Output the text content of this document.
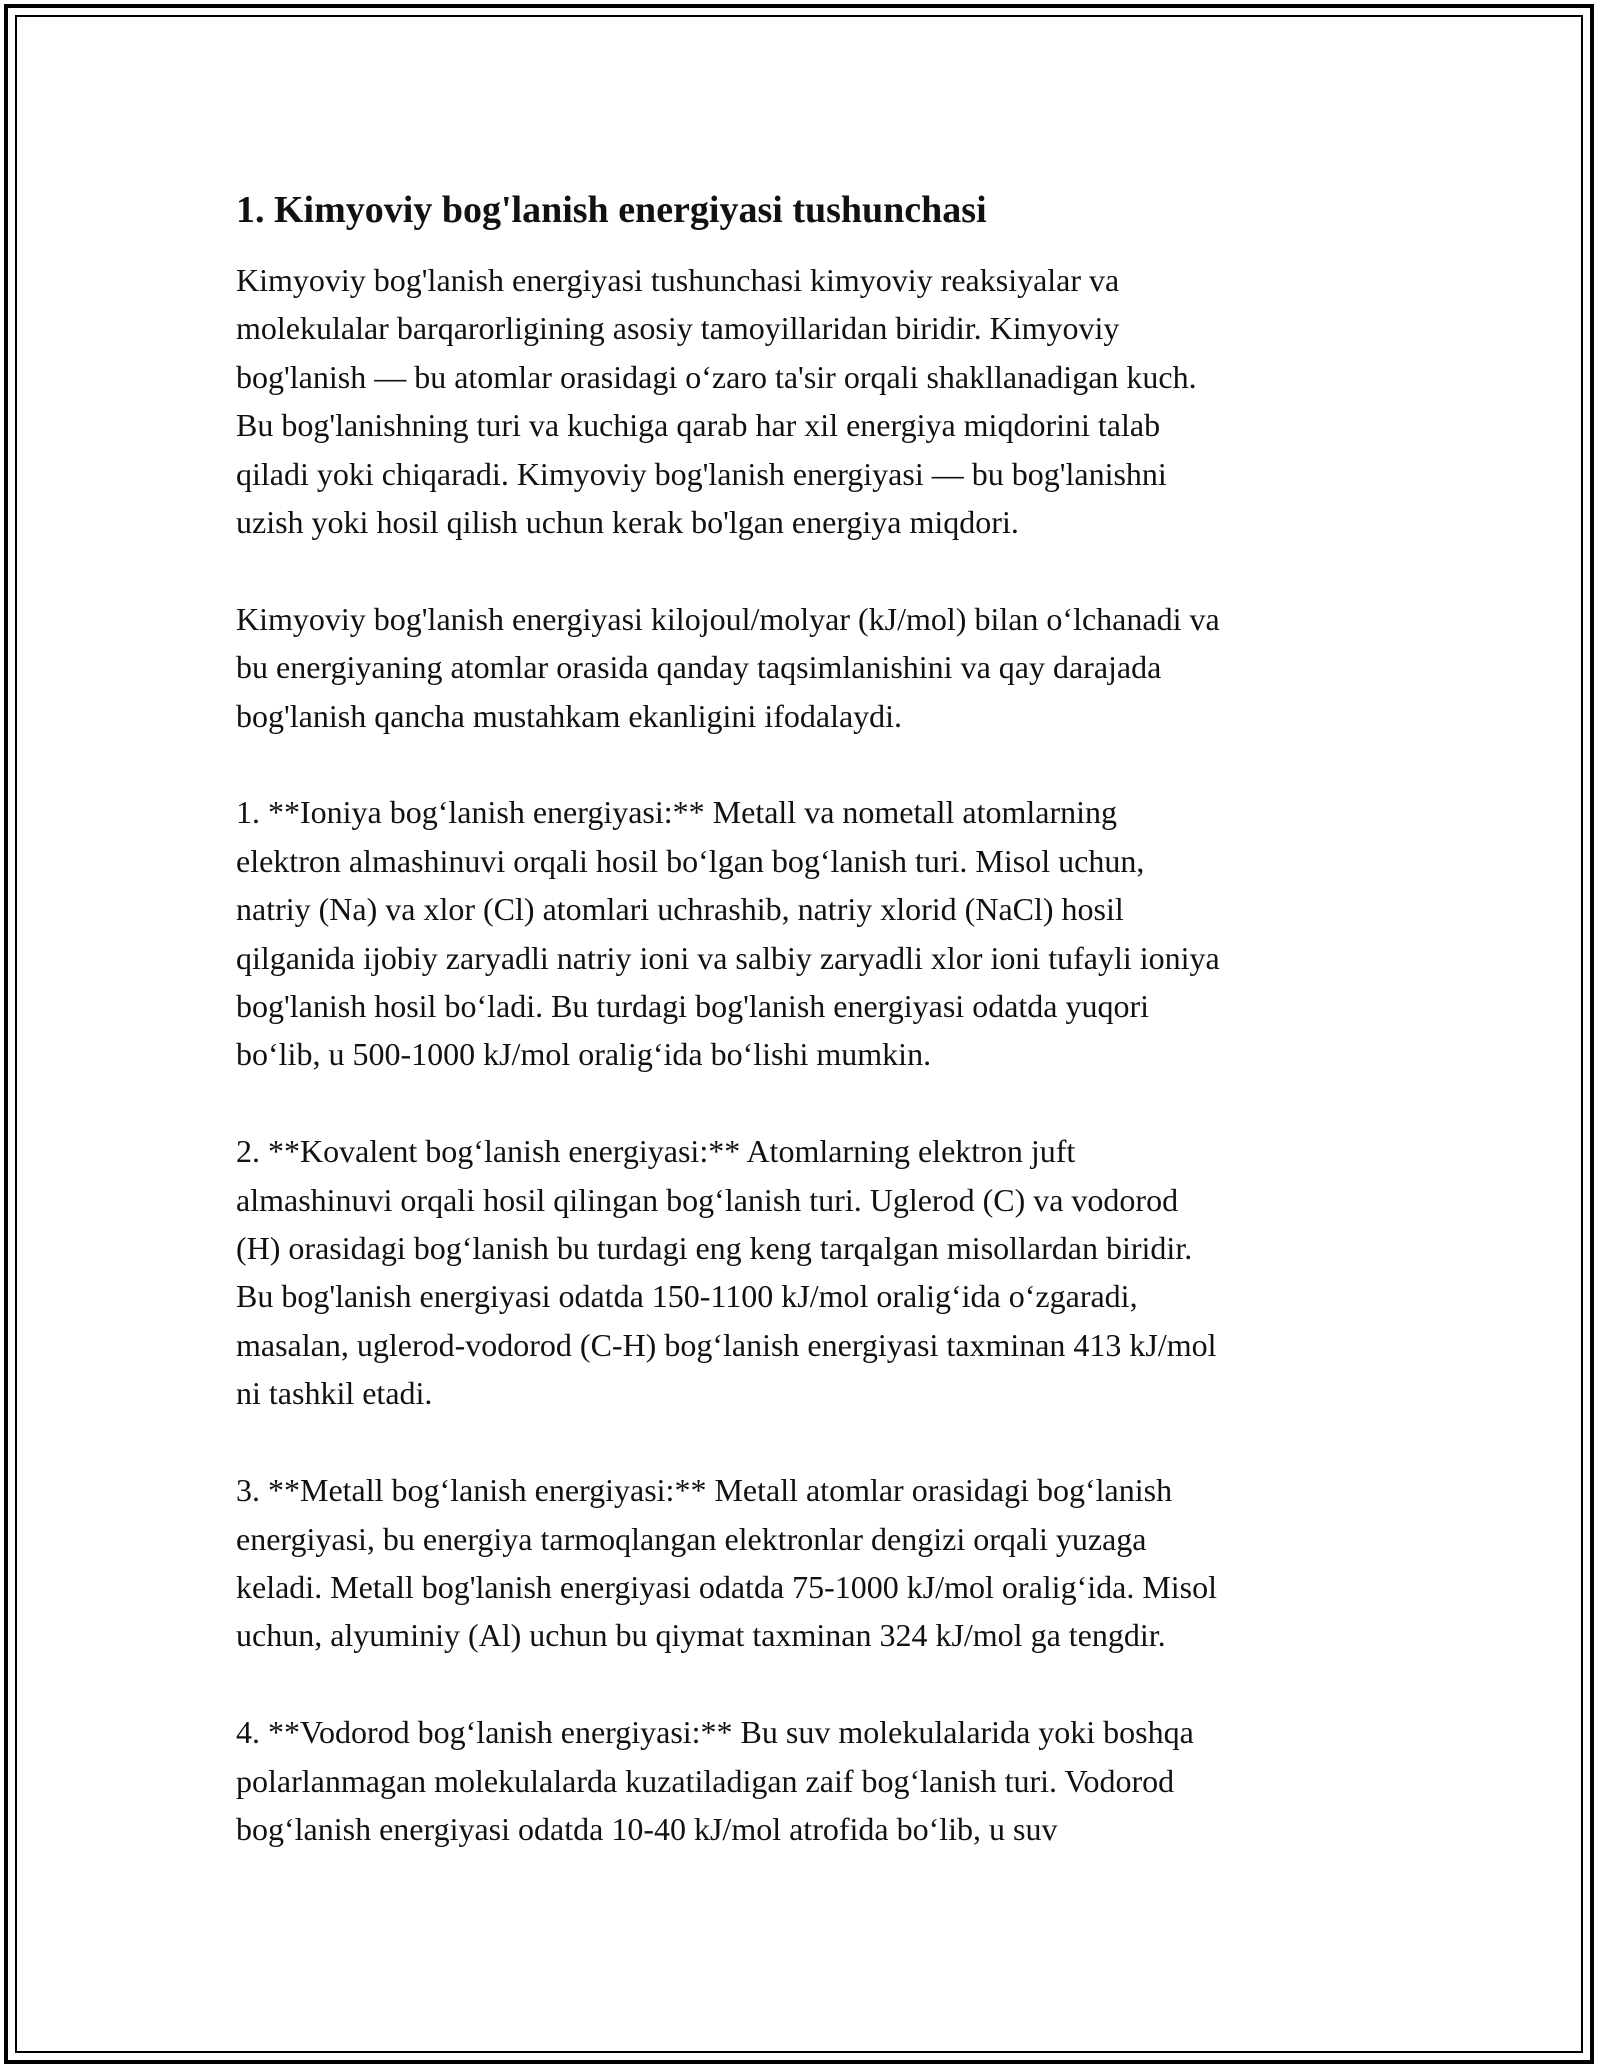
1. Kimyoviy bog'lanish energiyasi tushunchasi

Kimyoviy bog'lanish energiyasi tushunchasi kimyoviy reaksiyalar va
molekulalar barqarorligining asosiy tamoyillaridan biridir. Kimyoviy
bog'lanish — bu atomlar orasidagi o‘zaro ta'sir orqali shakllanadigan kuch.
Bu bog'lanishning turi va kuchiga qarab har xil energiya miqdorini talab
qiladi yoki chiqaradi. Kimyoviy bog'lanish energiyasi — bu bog'lanishni
uzish yoki hosil qilish uchun kerak bo'lgan energiya miqdori.

Kimyoviy bog'lanish energiyasi kilojoul/molyar (kJ/mol) bilan o‘lchanadi va
bu energiyaning atomlar orasida qanday taqsimlanishini va qay darajada
bog'lanish qancha mustahkam ekanligini ifodalaydi.

1. **Ioniya bog‘lanish energiyasi:** Metall va nometall atomlarning
elektron almashinuvi orqali hosil bo‘lgan bog‘lanish turi. Misol uchun,
natriy (Na) va xlor (Cl) atomlari uchrashib, natriy xlorid (NaCl) hosil
qilganida ijobiy zaryadli natriy ioni va salbiy zaryadli xlor ioni tufayli ioniya
bog'lanish hosil bo‘ladi. Bu turdagi bog'lanish energiyasi odatda yuqori
bo‘lib, u 500-1000 kJ/mol oralig‘ida bo‘lishi mumkin.

2. **Kovalent bog‘lanish energiyasi:** Atomlarning elektron juft
almashinuvi orqali hosil qilingan bog‘lanish turi. Uglerod (C) va vodorod
(H) orasidagi bog‘lanish bu turdagi eng keng tarqalgan misollardan biridir.
Bu bog'lanish energiyasi odatda 150-1100 kJ/mol oralig‘ida o‘zgaradi,
masalan, uglerod-vodorod (C-H) bog‘lanish energiyasi taxminan 413 kJ/mol
ni tashkil etadi.

3. **Metall bog‘lanish energiyasi:** Metall atomlar orasidagi bog‘lanish
energiyasi, bu energiya tarmoqlangan elektronlar dengizi orqali yuzaga
keladi. Metall bog'lanish energiyasi odatda 75-1000 kJ/mol oralig‘ida. Misol
uchun, alyuminiy (Al) uchun bu qiymat taxminan 324 kJ/mol ga tengdir.

4. **Vodorod bog‘lanish energiyasi:** Bu suv molekulalarida yoki boshqa
polarlanmagan molekulalarda kuzatiladigan zaif bog‘lanish turi. Vodorod
bog‘lanish energiyasi odatda 10-40 kJ/mol atrofida bo‘lib, u suv
